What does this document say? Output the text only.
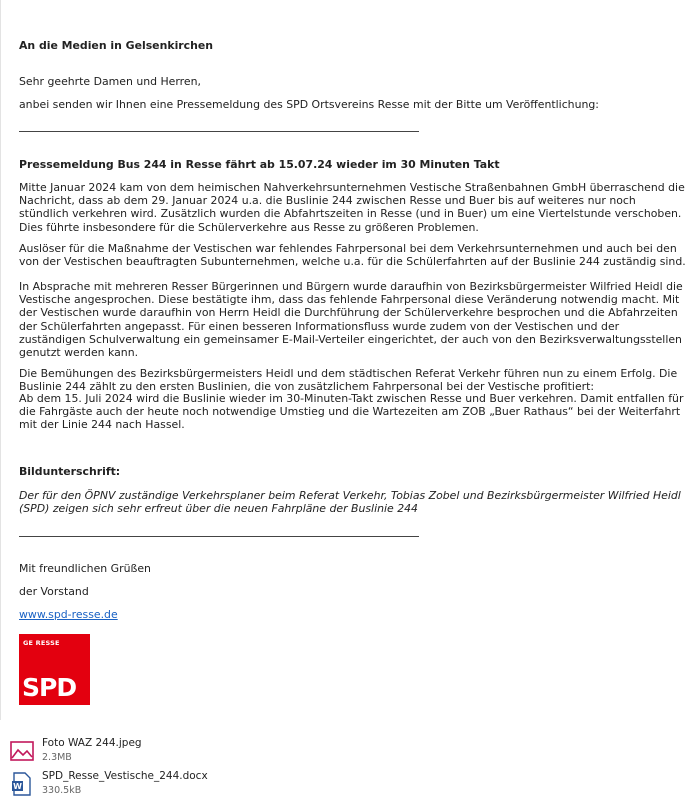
An die Medien in Gelsenkirchen

Sehr geehrte Damen und Herren,

anbei senden wir Ihnen eine Pressemeldung des SPD Ortsvereins Resse mit der Bitte um Veröffentlichung:

Pressemeldung Bus 244 in Resse fährt ab 15.07.24 wieder im 30 Minuten Takt

Mitte Januar 2024 kam von dem heimischen Nahverkehrsunternehmen Vestische Straßenbahnen GmbH überraschend die Nachricht, dass ab dem 29. Januar 2024 u.a. die Buslinie 244 zwischen Resse und Buer bis auf weiteres nur noch stündlich verkehren wird. Zusätzlich wurden die Abfahrtszeiten in Resse (und in Buer) um eine Viertelstunde verschoben. Dies führte insbesondere für die Schülerverkehre aus Resse zu größeren Problemen.

Auslöser für die Maßnahme der Vestischen war fehlendes Fahrpersonal bei dem Verkehrsunternehmen und auch bei den von der Vestischen beauftragten Subunternehmen, welche u.a. für die Schülerfahrten auf der Buslinie 244 zuständig sind.

In Absprache mit mehreren Resser Bürgerinnen und Bürgern wurde daraufhin von Bezirksbürgermeister Wilfried Heidl die Vestische angesprochen. Diese bestätigte ihm, dass das fehlende Fahrpersonal diese Veränderung notwendig macht. Mit der Vestischen wurde daraufhin von Herrn Heidl die Durchführung der Schülerverkehre besprochen und die Abfahrzeiten der Schülerfahrten angepasst. Für einen besseren Informationsfluss wurde zudem von der Vestischen und der zuständigen Schulverwaltung ein gemeinsamer E-Mail-Verteiler eingerichtet, der auch von den Bezirksverwaltungsstellen genutzt werden kann.

Die Bemühungen des Bezirksbürgermeisters Heidl und dem städtischen Referat Verkehr führen nun zu einem Erfolg. Die Buslinie 244 zählt zu den ersten Buslinien, die von zusätzlichem Fahrpersonal bei der Vestische profitiert:

Ab dem 15. Juli 2024 wird die Buslinie wieder im 30-Minuten-Takt zwischen Resse und Buer verkehren. Damit entfallen für die Fahrgäste auch der heute noch notwendige Umstieg und die Wartezeiten am ZOB „Buer Rathaus“ bei der Weiterfahrt mit der Linie 244 nach Hassel.

Bildunterschrift:

Der für den ÖPNV zuständige Verkehrsplaner beim Referat Verkehr, Tobias Zobel und Bezirksbürgermeister Wilfried Heidl (SPD) zeigen sich sehr erfreut über die neuen Fahrpläne der Buslinie 244

Mit freundlichen Grüßen

der Vorstand

www.spd-resse.de

GE RESSE
SPD
Foto WAZ 244.jpeg
2.3MB
W
SPD_Resse_Vestische_244.docx
330.5kB
